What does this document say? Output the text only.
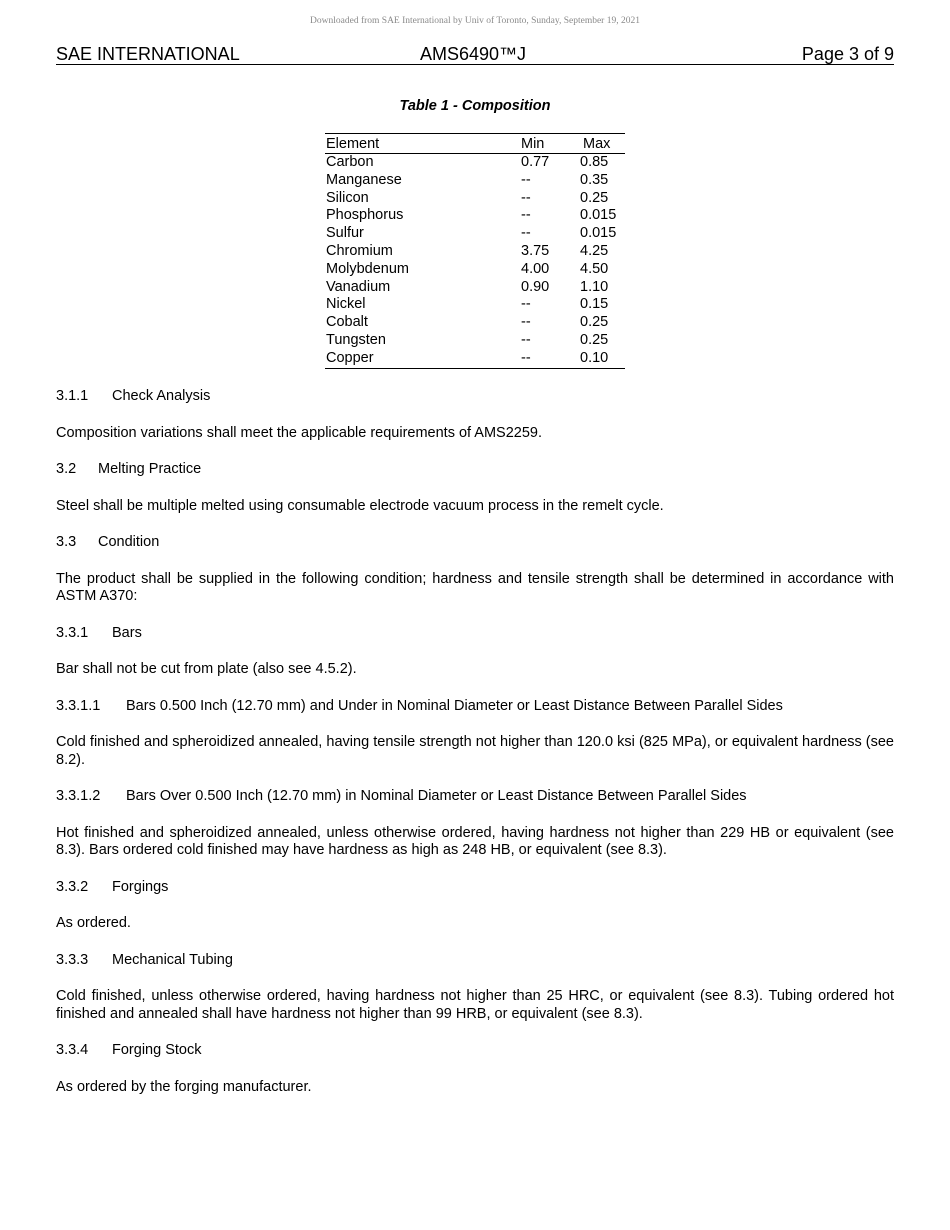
Downloaded from SAE International by Univ of Toronto, Sunday, September 19, 2021
SAE INTERNATIONAL	AMS6490™J	Page 3 of 9
Table 1 - Composition
Element	Min	Max
Carbon	0.77 0.85
Manganese	--	0.35
Silicon	--	0.25
Phosphorus	--	0.015
Sulfur	--	0.015
Chromium	3.75 4.25
Molybdenum	4.00 4.50
Vanadium	0.90 1.10
Nickel	--	0.15
Cobalt	--	0.25
Tungsten	--	0.25
Copper	--	0.10
3.1.1 Check Analysis
Composition variations shall meet the applicable requirements of AMS2259.
3.2 Melting Practice
Steel shall be multiple melted using consumable electrode vacuum process in the remelt cycle.
3.3 Condition
The product shall be supplied in the following condition; hardness and tensile strength shall be determined in accordance with ASTM A370:
3.3.1 Bars
Bar shall not be cut from plate (also see 4.5.2).
3.3.1.1 Bars 0.500 Inch (12.70 mm) and Under in Nominal Diameter or Least Distance Between Parallel Sides
Cold finished and spheroidized annealed, having tensile strength not higher than 120.0 ksi (825 MPa), or equivalent hardness (see 8.2).
3.3.1.2 Bars Over 0.500 Inch (12.70 mm) in Nominal Diameter or Least Distance Between Parallel Sides
Hot finished and spheroidized annealed, unless otherwise ordered, having hardness not higher than 229 HB or equivalent (see 8.3). Bars ordered cold finished may have hardness as high as 248 HB, or equivalent (see 8.3).
3.3.2 Forgings
As ordered.
3.3.3 Mechanical Tubing
Cold finished, unless otherwise ordered, having hardness not higher than 25 HRC, or equivalent (see 8.3). Tubing ordered hot finished and annealed shall have hardness not higher than 99 HRB, or equivalent (see 8.3).
3.3.4 Forging Stock
As ordered by the forging manufacturer.
